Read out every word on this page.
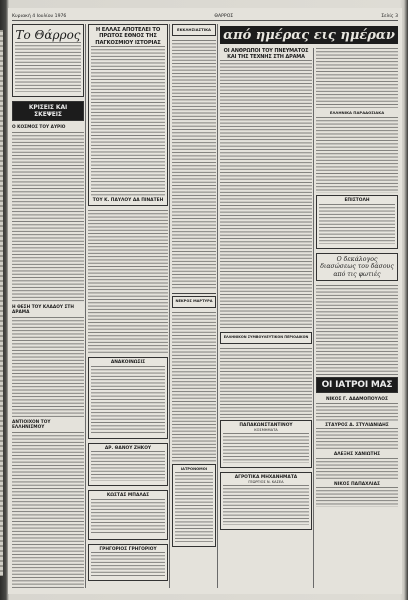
Κυριακή 4 Ιουλίου 1976	ΘΑΡΡΟΣ	Σελίς 3
Το Θάρρος
ΚΡΙΣΕΙΣ ΚΑΙ ΣΚΕΨΕΙΣ
Ο ΚΟΣΜΟΣ ΤΟΥ ΑΥΡΙΟ
Η ΘΕΣΗ ΤΟΥ ΚΛΑΔΟΥ ΣΤΗ ΔΡΑΜΑ
ΑΝΤΙΟΙΧΟΝ ΤΟΥ ΕΛΛΗΝΙΣΜΟΥ
Η ΕΛΛΑΣ ΑΠΟΤΕΛΕΙ ΤΟ ΠΡΩΤΟΣ ΕΘΝΟΣ ΤΗΣ ΠΑΓΚΟΣΜΙΟΥ ΙΣΤΟΡΙΑΣ
ΤΟΥ Κ. ΠΑΥΛΟΥ ΔΑ ΠΙΝΑΤΕΗ
ΑΝΑΚΟΙΝΩΣΙΣ
ΔΡ. ΘΑΝΟΥ ΖΗΚΟΥ
ΚΩΣΤΑΣ ΜΠΑΛΑΣ
ΓΡΗΓΟΡΙΟΣ ΓΡΗΓΟΡΙΟΥ
ΕΚΚΛΗΣΙΑΣΤΙΚΑ
ΝΕΚΡΟΣ ΜΑΡΤΥΡΑ
ΙΑΤΡΟΝΟΜΟΙ
από ημέρας εις ημέραν
ΟΙ ΑΝΘΡΩΠΟΙ ΤΟΥ ΠΝΕΥΜΑΤΟΣ ΚΑΙ ΤΗΣ ΤΕΧΝΗΣ ΣΤΗ ΔΡΑΜΑ
ΕΛΛΗΝΙΚΟΝ ΣΥΜΒΟΥΛΕΥΤΙΚΟΝ ΠΕΡΙΟΔΙΚΟΝ
ΠΑΠΑΚΩΝΣΤΑΝΤΙΝΟΥ
ΚΟΣΜΗΜΑΤΑ
ΑΓΡΟΤΙΚΑ ΜΗΧΑΝΗΜΑΤΑ
ΓΕΩΡΓΙΟΣ Ν. ΚΑΣΕΑ
ΕΛΛΗΝΙΚΑ ΠΑΡΑΔΟΣΙΑΚΑ
ΕΠΙΣΤΟΛΗ
Ο δεκάλογος διασώσεως του δάσους από τις φωτιές
ΟΙ ΙΑΤΡΟΙ ΜΑΣ
ΝΙΚΟΣ Γ. ΑΔΑΜΟΠΟΥΛΟΣ
ΣΤΑΥΡΟΣ Δ. ΣΤΥΛΙΑΝΙΔΗΣ
ΑΛΕΞΗΣ ΧΑΝΙΩΤΗΣ
ΝΙΚΟΣ ΠΑΠΑΧΛΙΑΣ
